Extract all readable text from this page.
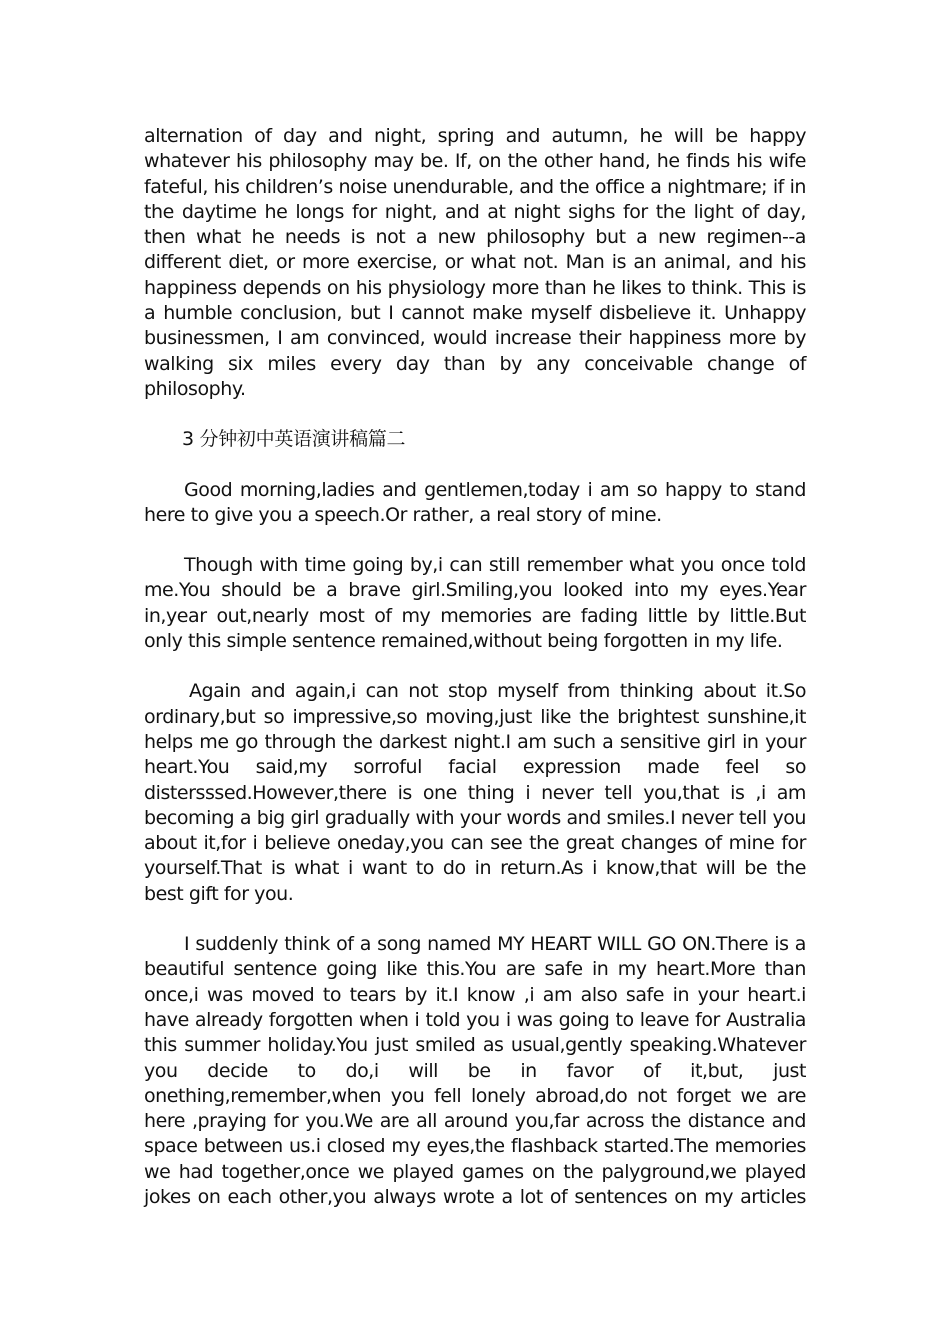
alternation of day and night, spring and autumn, he will be happy whatever his philosophy may be. If, on the other hand, he finds his wife fateful, his children’s noise unendurable, and the office a nightmare; if in the daytime he longs for night, and at night sighs for the light of day, then what he needs is not a new philosophy but a new regimen--a different diet, or more exercise, or what not. Man is an animal, and his happiness depends on his physiology more than he likes to think. This is a humble conclusion, but I cannot make myself disbelieve it. Unhappy businessmen, I am convinced, would increase their happiness more by walking six miles every day than by any conceivable change of philosophy.

3 分钟初中英语演讲稿篇二

Good morning,ladies and gentlemen,today i am so happy to stand here to give you a speech.Or rather, a real story of mine.

Though with time going by,i can still remember what you once told me.You should be a brave girl.Smiling,you looked into my eyes.Year in,year out,nearly most of my memories are fading little by little.But only this simple sentence remained,without being forgotten in my life.

Again and again,i can not stop myself from thinking about it.So ordinary,but so impressive,so moving,just like the brightest sunshine,it helps me go through the darkest night.I am such a sensitive girl in your heart.You said,my sorroful facial expression made feel so distersssed.However,there is one thing i never tell you,that is ,i am becoming a big girl gradually with your words and smiles.I never tell you about it,for i believe oneday,you can see the great changes of mine for yourself.That is what i want to do in return.As i know,that will be the best gift for you.

I suddenly think of a song named MY HEART WILL GO ON.There is a beautiful sentence going like this.You are safe in my heart.More than once,i was moved to tears by it.I know ,i am also safe in your heart.i have already forgotten when i told you i was going to leave for Australia this summer holiday.You just smiled as usual,gently speaking.Whatever you decide to do,i will be in favor of it,but, just onething,remember,when you fell lonely abroad,do not forget we are here ,praying for you.We are all around you,far across the distance and space between us.i closed my eyes,the flashback started.The memories we had together,once we played games on the palyground,we played jokes on each other,you always wrote a lot of sentences on my articles
